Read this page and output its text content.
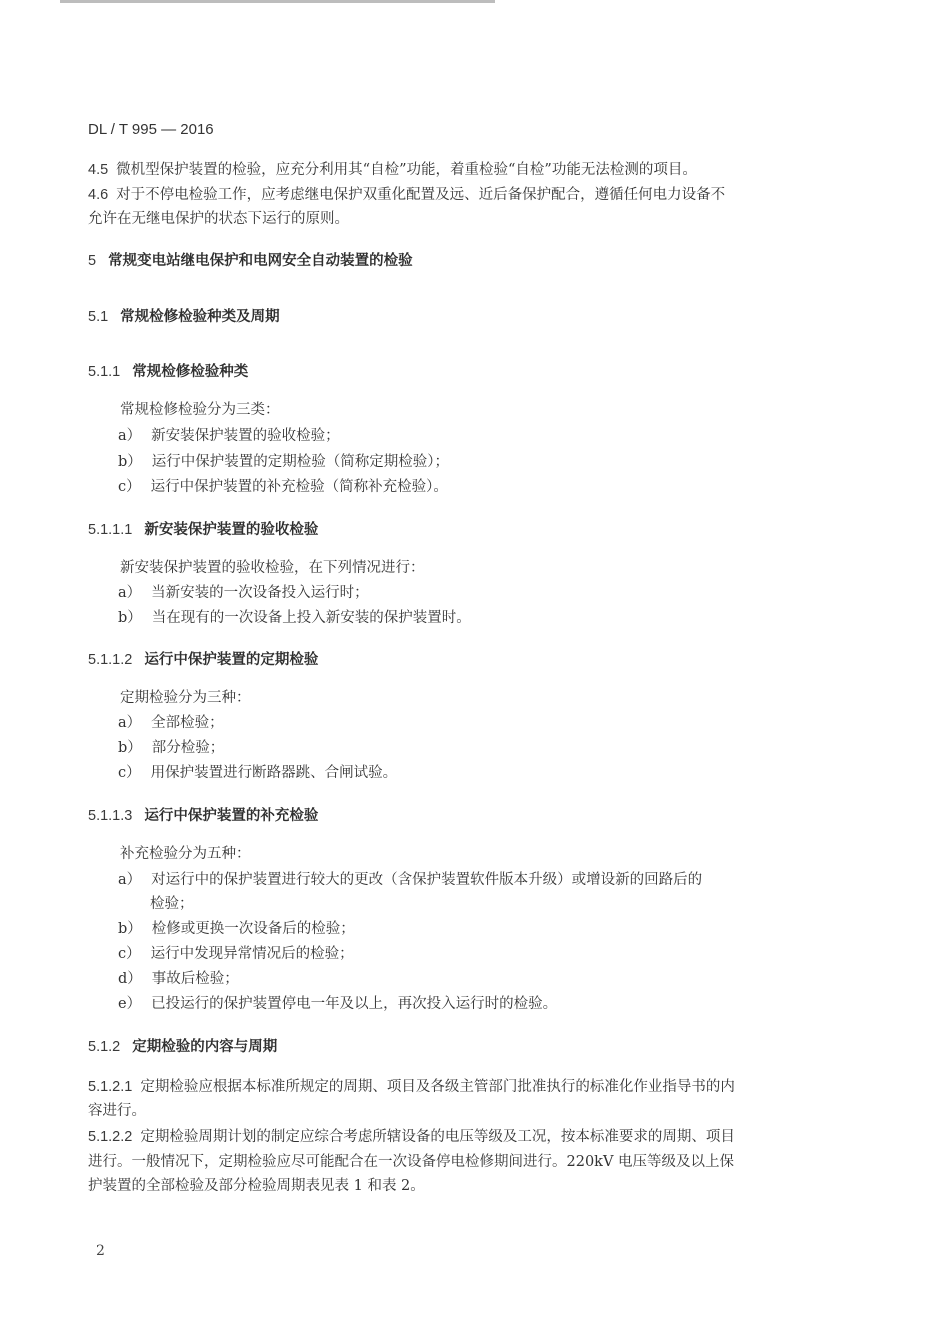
DL / T 995 — 2016
4.5 微机型保护装置的检验，应充分利用其“自检”功能，着重检验“自检”功能无法检测的项目。
4.6 对于不停电检验工作，应考虑继电保护双重化配置及远、近后备保护配合，遵循任何电力设备不
允许在无继电保护的状态下运行的原则。
5 常规变电站继电保护和电网安全自动装置的检验
5.1 常规检修检验种类及周期
5.1.1 常规检修检验种类
常规检修检验分为三类：
a） 新安装保护装置的验收检验；
b） 运行中保护装置的定期检验（简称定期检验）；
c） 运行中保护装置的补充检验（简称补充检验）。
5.1.1.1 新安装保护装置的验收检验
新安装保护装置的验收检验，在下列情况进行：
a） 当新安装的一次设备投入运行时；
b） 当在现有的一次设备上投入新安装的保护装置时。
5.1.1.2 运行中保护装置的定期检验
定期检验分为三种：
a） 全部检验；
b） 部分检验；
c） 用保护装置进行断路器跳、合闸试验。
5.1.1.3 运行中保护装置的补充检验
补充检验分为五种：
a） 对运行中的保护装置进行较大的更改（含保护装置软件版本升级）或增设新的回路后的
检验；
b） 检修或更换一次设备后的检验；
c） 运行中发现异常情况后的检验；
d） 事故后检验；
e） 已投运行的保护装置停电一年及以上，再次投入运行时的检验。
5.1.2 定期检验的内容与周期
5.1.2.1 定期检验应根据本标准所规定的周期、项目及各级主管部门批准执行的标准化作业指导书的内
容进行。
5.1.2.2 定期检验周期计划的制定应综合考虑所辖设备的电压等级及工况，按本标准要求的周期、项目
进行。一般情况下，定期检验应尽可能配合在一次设备停电检修期间进行。220kV 电压等级及以上保
护装置的全部检验及部分检验周期表见表 1 和表 2。
2
